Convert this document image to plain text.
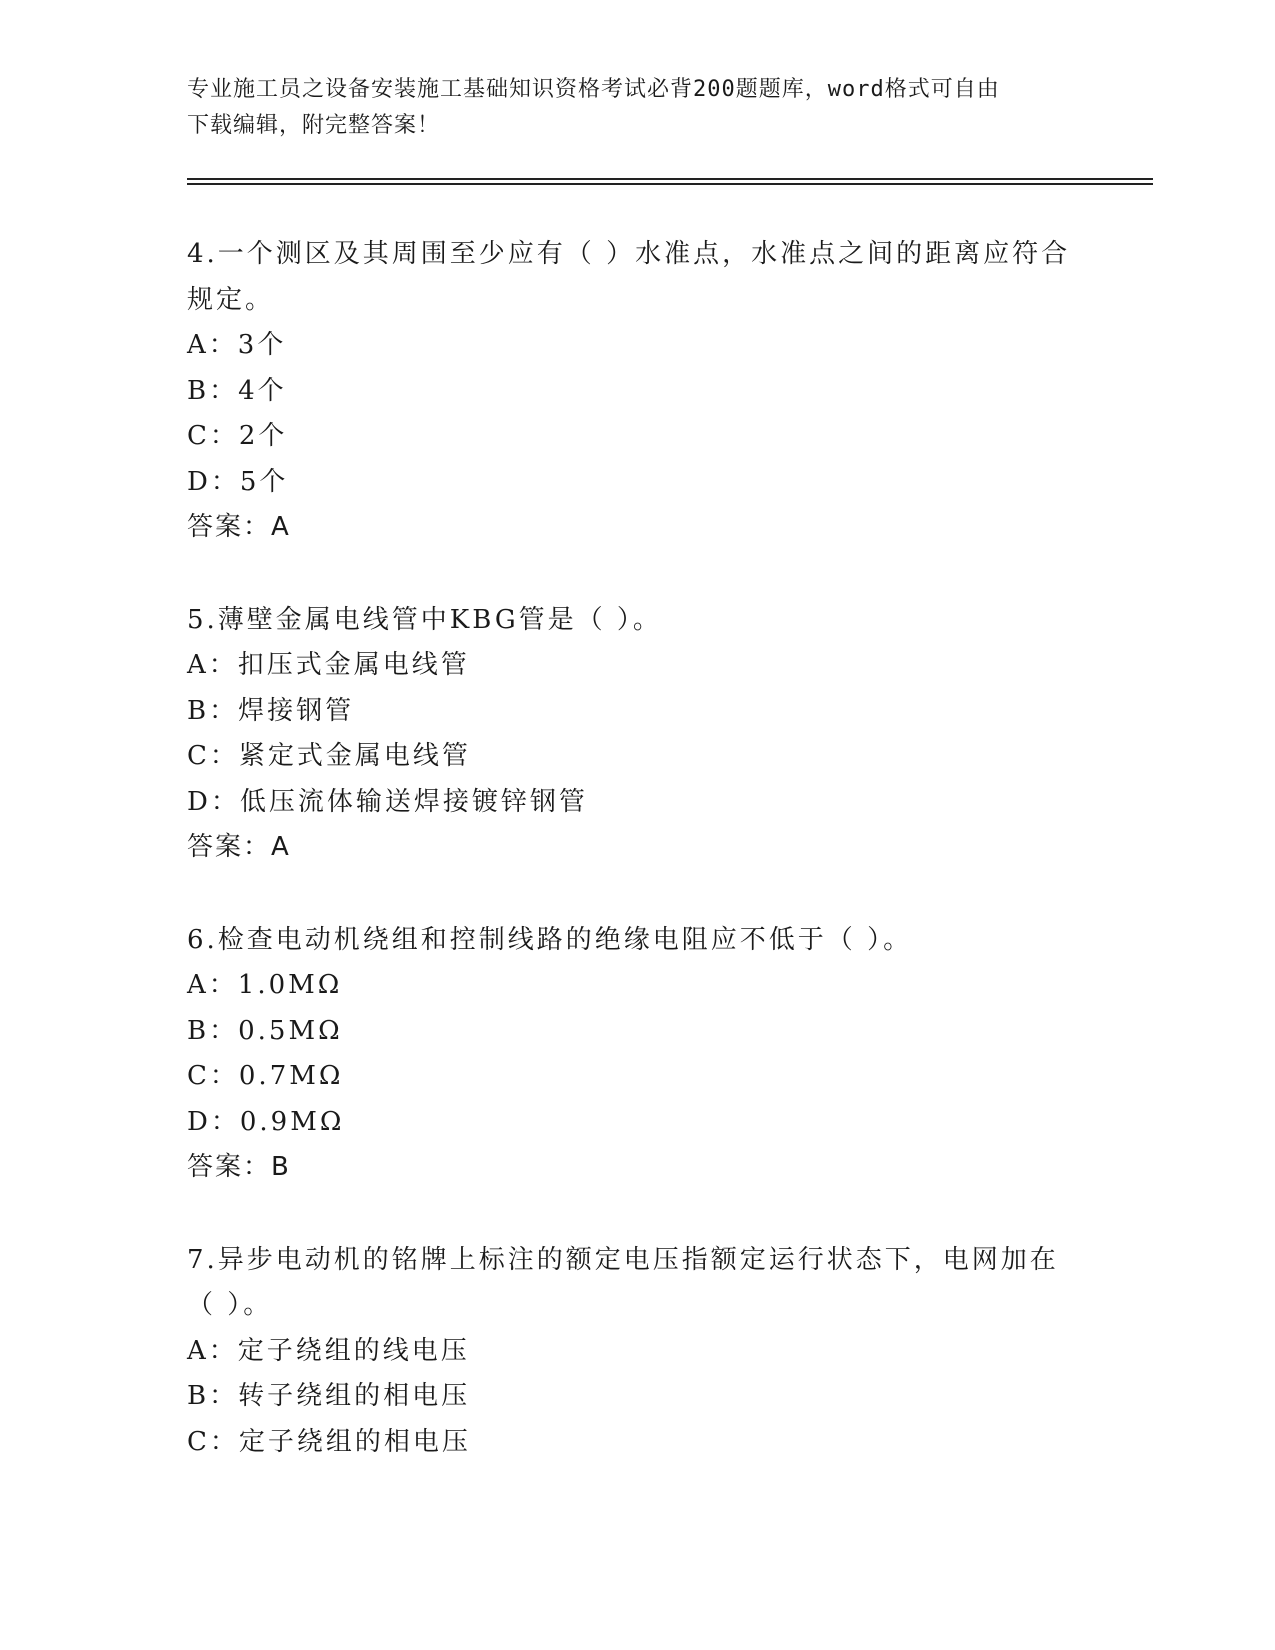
专业施工员之设备安装施工基础知识资格考试必背200题题库，word格式可自由
下载编辑，附完整答案！

4.一个测区及其周围至少应有（ ）水准点，水准点之间的距离应符合

规定。

A：3个

B：4个

C：2个

D：5个

答案：A

5.薄壁金属电线管中KBG管是（ ）。

A：扣压式金属电线管

B：焊接钢管

C：紧定式金属电线管

D：低压流体输送焊接镀锌钢管

答案：A

6.检查电动机绕组和控制线路的绝缘电阻应不低于（ ）。

A：1.0MΩ

B：0.5MΩ

C：0.7MΩ

D：0.9MΩ

答案：B

7.异步电动机的铭牌上标注的额定电压指额定运行状态下，电网加在

（ ）。

A：定子绕组的线电压

B：转子绕组的相电压

C：定子绕组的相电压
